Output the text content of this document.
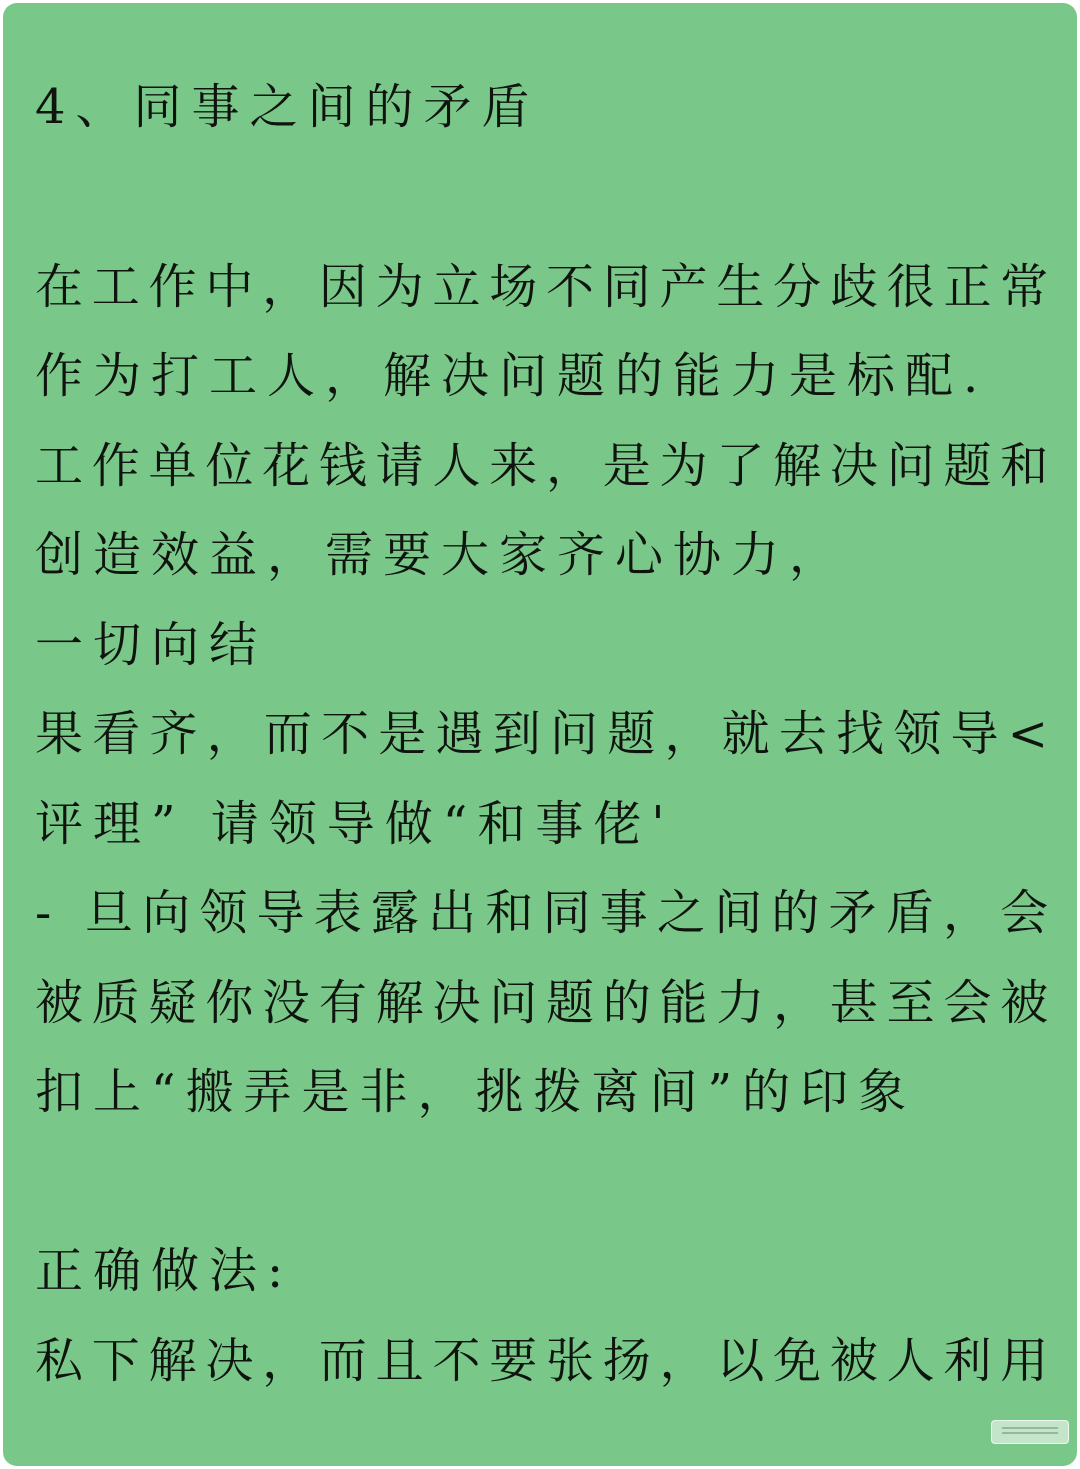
4、同事之间的矛盾
在工作中，因为立场不同产生分歧很正常
作为打工人，解决问题的能力是标配.
工作单位花钱请人来，是为了解决问题和
创造效益，需要大家齐心协力，
一切向结
果看齐，而不是遇到问题，就去找领导<
评理” 请领导做“和事佬'
- 旦向领导表露出和同事之间的矛盾，会
被质疑你没有解决问题的能力，甚至会被
扣上“搬弄是非，挑拨离间”的印象
正确做法:
私下解决，而且不要张扬，以免被人利用
